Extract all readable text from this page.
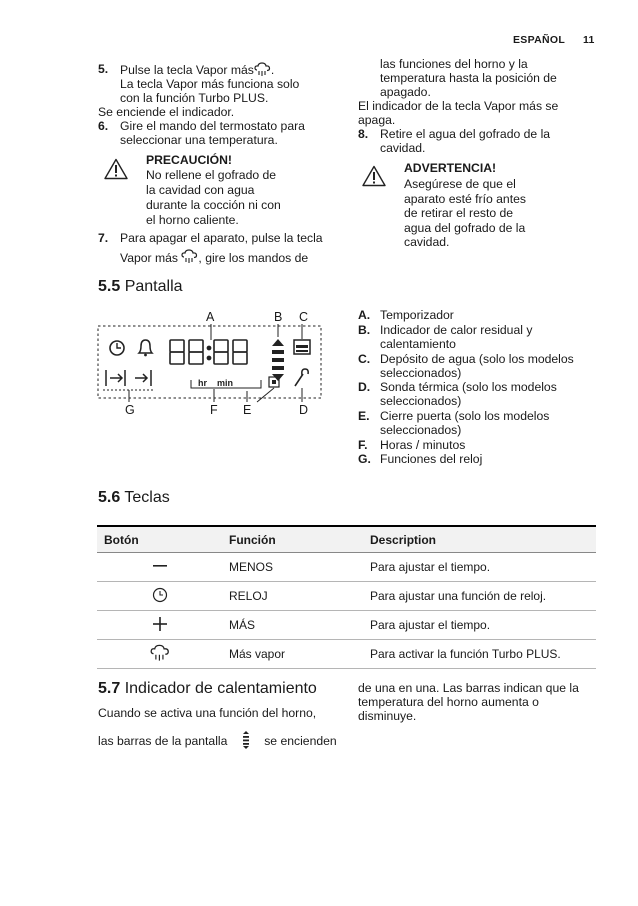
ESPAÑOL 11
5. Pulse la tecla Vapor más .
La tecla Vapor más funciona solo
con la función Turbo PLUS.
Se enciende el indicador.
6. Gire el mando del termostato para
seleccionar una temperatura.
PRECAUCIÓN!
No rellene el gofrado de
la cavidad con agua
durante la cocción ni con
el horno caliente.
7. Para apagar el aparato, pulse la tecla
Vapor más , gire los mandos de
las funciones del horno y la
temperatura hasta la posición de
apagado.
El indicador de la tecla Vapor más se
apaga.
8. Retire el agua del gofrado de la
cavidad.
ADVERTENCIA!
Asegúrese de que el
aparato esté frío antes
de retirar el resto de
agua del gofrado de la
cavidad.
5.5 Pantalla
hr min
A	B C
G	F E	D
A. Temporizador
B. Indicador de calor residual y
calentamiento
C. Depósito de agua (solo los modelos
seleccionados)
D. Sonda térmica (solo los modelos
seleccionados)
E. Cierre puerta (solo los modelos
seleccionados)
F. Horas / minutos
G. Funciones del reloj
5.6 Teclas
Botón	Función	Description
	MENOS	Para ajustar el tiempo.
	RELOJ	Para ajustar una función de reloj.
	MÁS	Para ajustar el tiempo.
	Más vapor	Para activar la función Turbo PLUS.
5.7 Indicador de calentamiento
Cuando se activa una función del horno,
las barras de la pantalla	se encienden
de una en una. Las barras indican que la
temperatura del horno aumenta o
disminuye.
